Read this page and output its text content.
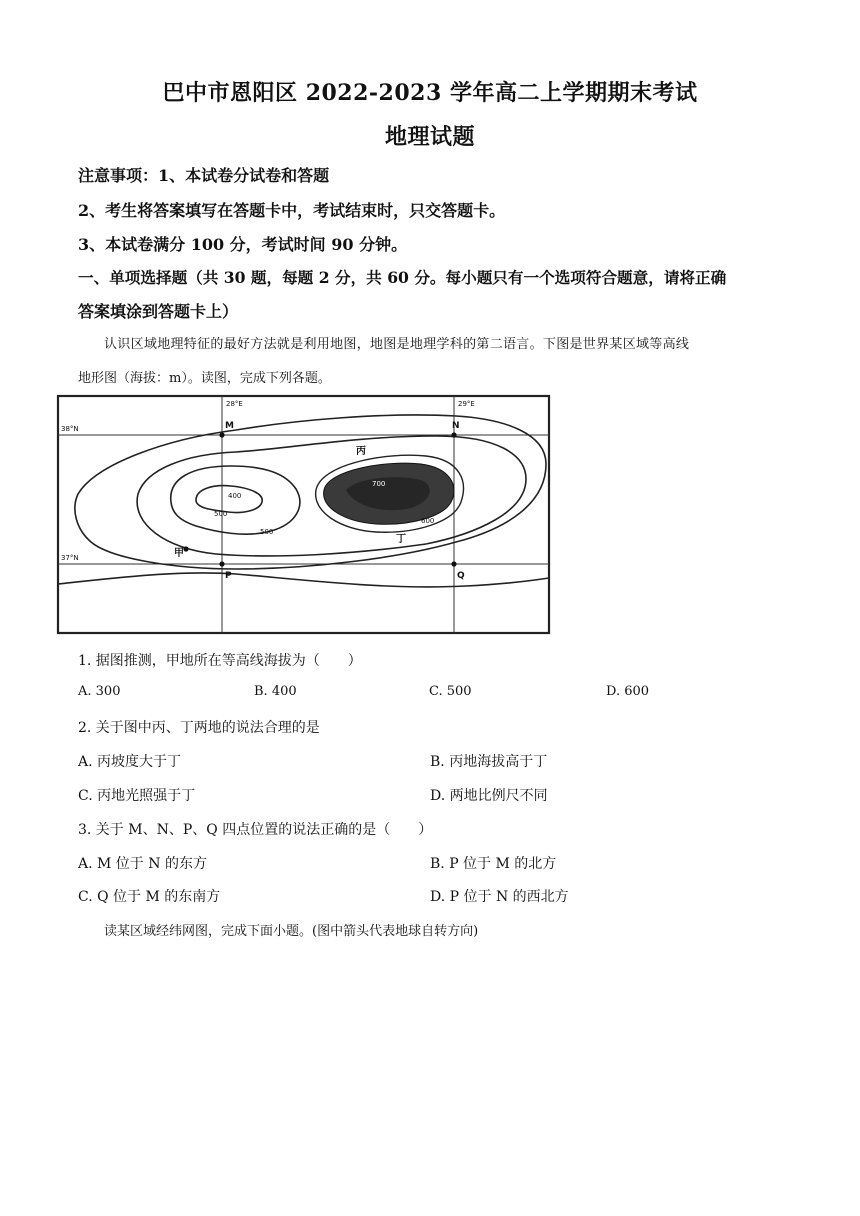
巴中市恩阳区 2022-2023 学年高二上学期期末考试
地理试题
注意事项：1、本试卷分试卷和答题
2、考生将答案填写在答题卡中，考试结束时，只交答题卡。
3、本试卷满分 100 分，考试时间 90 分钟。
一、单项选择题（共 30 题，每题 2 分，共 60 分。每小题只有一个选项符合题意，请将正确
答案填涂到答题卡上）
认识区域地理特征的最好方法就是利用地图，地图是地理学科的第二语言。下图是世界某区域等高线
地形图（海拔：m）。读图，完成下列各题。
28°E	29°E
38°N
37°N
M	N
P	Q
甲
丙
丁
400
500
500
600
700
1. 据图推测，甲地所在等高线海拔为（　　）
A. 300	B. 400	C. 500	D. 600
2. 关于图中丙、丁两地的说法合理的是
A. 丙坡度大于丁	B. 丙地海拔高于丁
C. 丙地光照强于丁	D. 两地比例尺不同
3. 关于 M、N、P、Q 四点位置的说法正确的是（　　）
A. M 位于 N 的东方	B. P 位于 M 的北方
C. Q 位于 M 的东南方	D. P 位于 N 的西北方
读某区域经纬网图，完成下面小题。(图中箭头代表地球自转方向)
